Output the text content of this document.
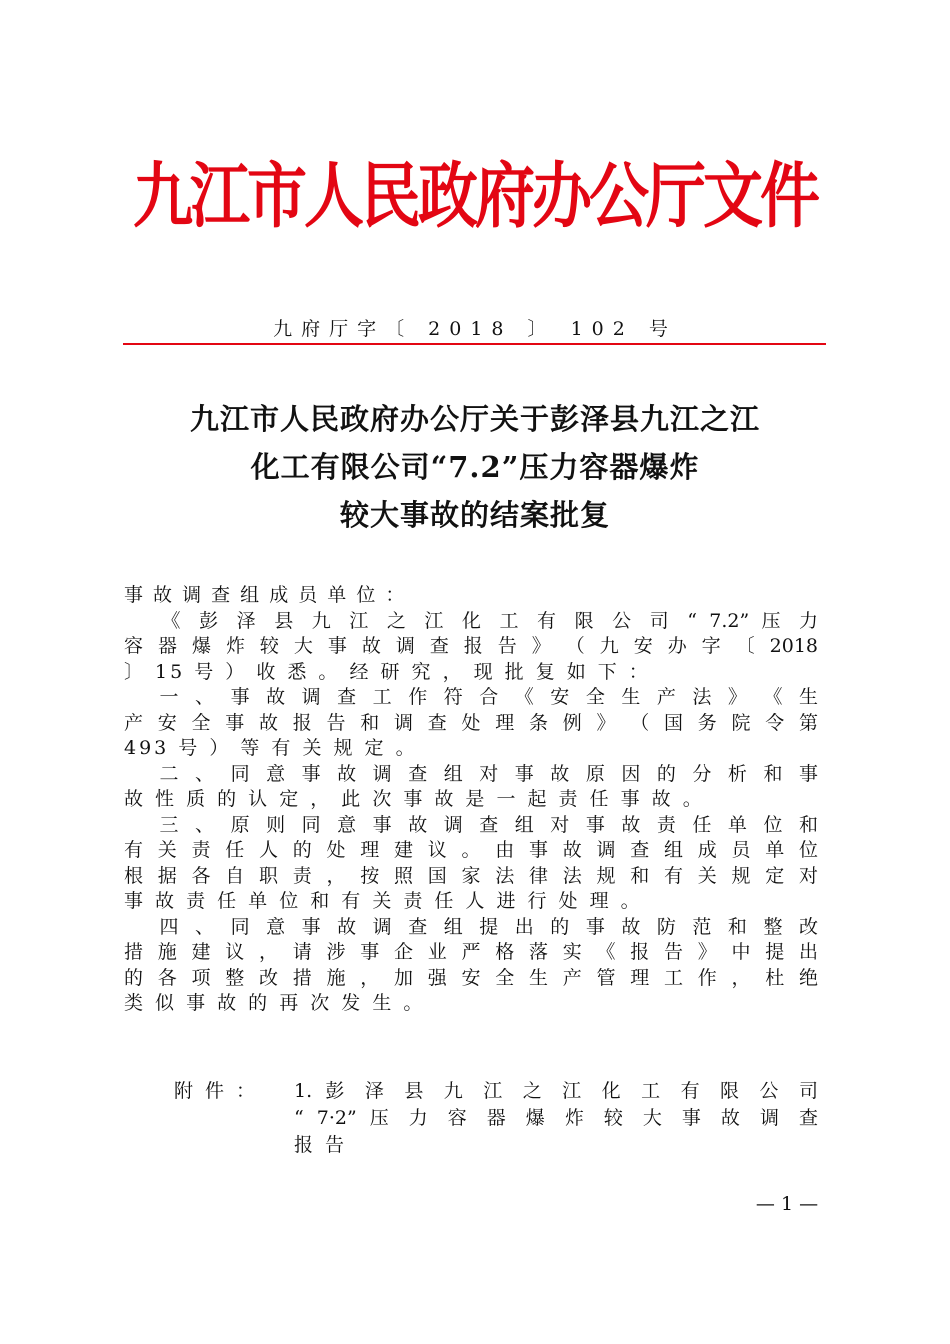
九江市人民政府办公厅文件
九府厅字〔 2018 〕 102 号
九江市人民政府办公厅关于彭泽县九江之江
化工有限公司“7.2”压力容器爆炸
较大事故的结案批复
事 故 调 查 组 成 员 单 位 ：
　 《 彭 泽 县 九 江 之 江 化 工 有 限 公 司 “ 7.2” 压 力
容 器 爆 炸 较 大 事 故 调 查 报 告 》 （ 九 安 办 字 〔 2018
〕 15 号 ） 收 悉 。 经 研 究 ， 现 批 复 如 下 ：
　 一 、 事 故 调 查 工 作 符 合 《 安 全 生 产 法 》 《 生
产 安 全 事 故 报 告 和 调 查 处 理 条 例 》 （ 国 务 院 令 第
493 号 ） 等 有 关 规 定 。
　 二 、 同 意 事 故 调 查 组 对 事 故 原 因 的 分 析 和 事
故 性 质 的 认 定 ， 此 次 事 故 是 一 起 责 任 事 故 。
　 三 、 原 则 同 意 事 故 调 查 组 对 事 故 责 任 单 位 和
有 关 责 任 人 的 处 理 建 议 。 由 事 故 调 查 组 成 员 单 位
根 据 各 自 职 责 ， 按 照 国 家 法 律 法 规 和 有 关 规 定 对
事 故 责 任 单 位 和 有 关 责 任 人 进 行 处 理 。
　 四 、 同 意 事 故 调 查 组 提 出 的 事 故 防 范 和 整 改
措 施 建 议 ， 请 涉 事 企 业 严 格 落 实 《 报 告 》 中 提 出
的 各 项 整 改 措 施 ， 加 强 安 全 生 产 管 理 工 作 ， 杜 绝
类 似 事 故 的 再 次 发 生 。
附件：	1. 彭 泽 县 九 江 之 江 化 工 有 限 公 司
“ 7·2” 压 力 容 器 爆 炸 较 大 事 故 调 查
报 告
— 1 —
